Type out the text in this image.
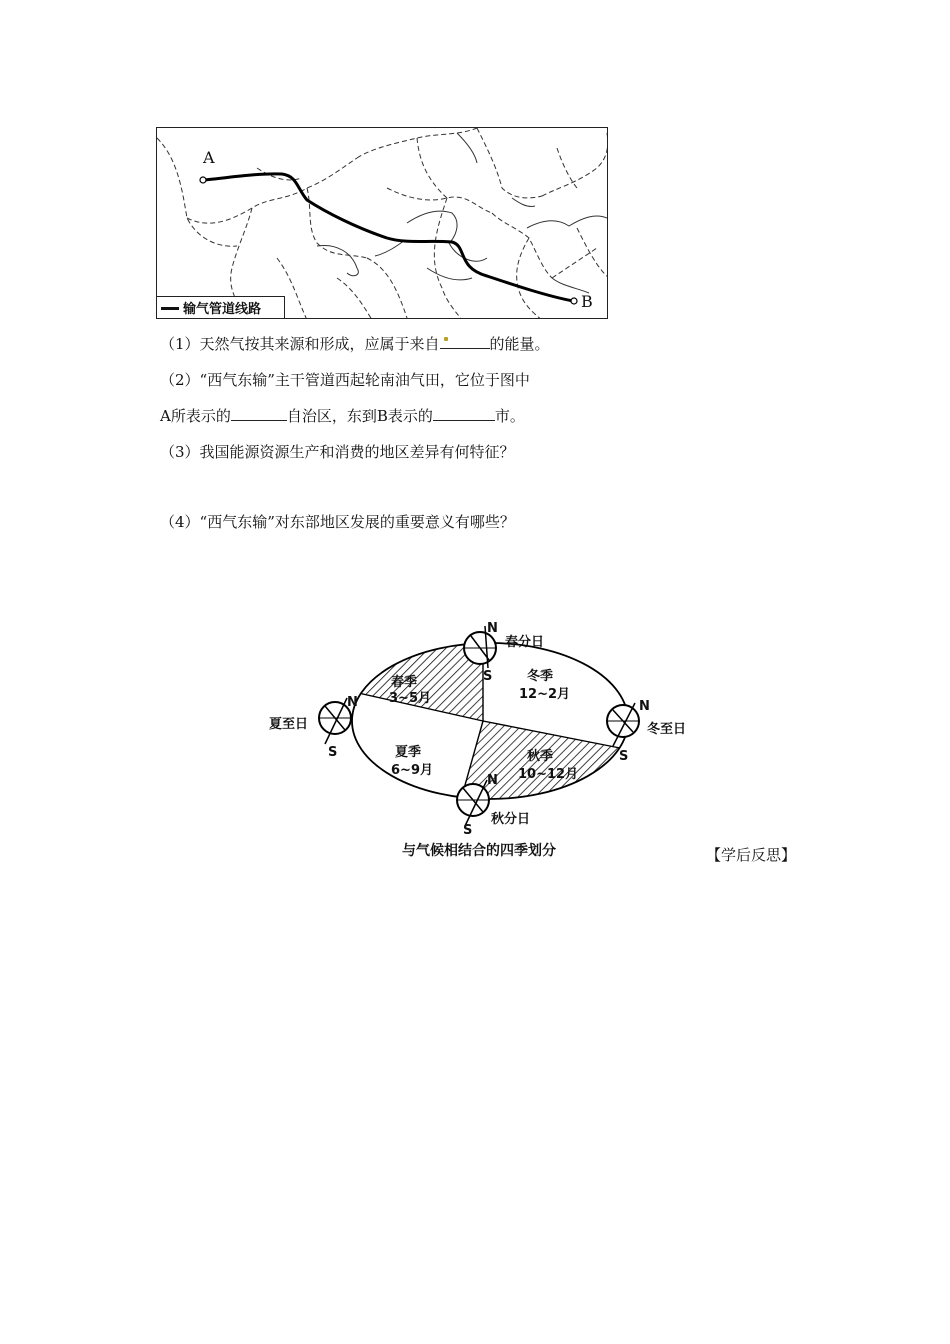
A
B
输气管道线路
（1）天然气按其来源和形成，应属于来自	的能量。
（2）“西气东输”主干管道西起轮南油气田，它位于图中
A所表示的	自治区，东到B表示的	市。
（3）我国能源资源生产和消费的地区差异有何特征？
（4）“西气东输”对东部地区发展的重要意义有哪些？
春分日
夏至日	冬至日
秋分日
春季
3~5月
冬季
12~2月
夏季
6~9月
秋季
10~12月
N
S
N
S
N
S
N
S
与气候相结合的四季划分	【学后反思】
